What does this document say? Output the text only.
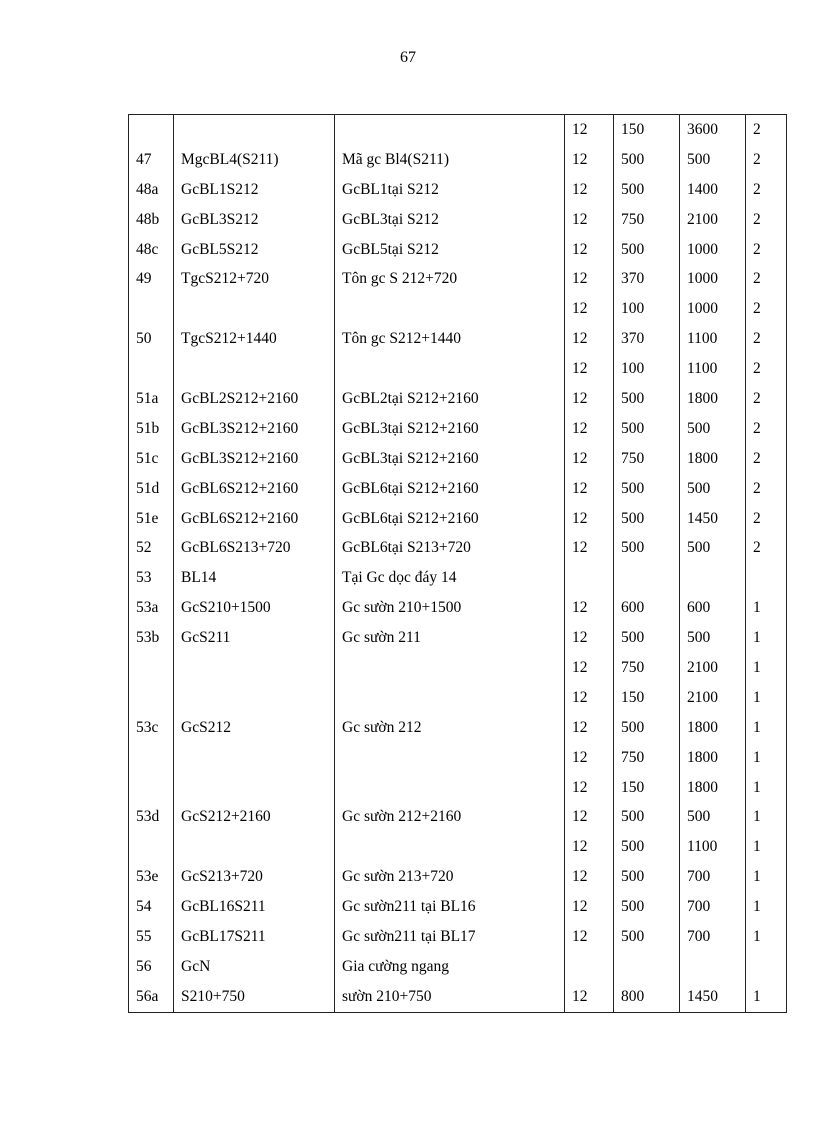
67
			12	150	3600	2
47	MgcBL4(S211)	Mã gc Bl4(S211)	12	500	500	2
48a	GcBL1S212	GcBL1tại S212	12	500	1400	2
48b	GcBL3S212	GcBL3tại S212	12	750	2100	2
48c	GcBL5S212	GcBL5tại S212	12	500	1000	2
49	TgcS212+720	Tôn gc S 212+720	12	370	1000	2
			12	100	1000	2
50	TgcS212+1440	Tôn gc S212+1440	12	370	1100	2
			12	100	1100	2
51a	GcBL2S212+2160	GcBL2tại S212+2160	12	500	1800	2
51b	GcBL3S212+2160	GcBL3tại S212+2160	12	500	500	2
51c	GcBL3S212+2160	GcBL3tại S212+2160	12	750	1800	2
51d	GcBL6S212+2160	GcBL6tại S212+2160	12	500	500	2
51e	GcBL6S212+2160	GcBL6tại S212+2160	12	500	1450	2
52	GcBL6S213+720	GcBL6tại S213+720	12	500	500	2
53	BL14	Tại Gc dọc đáy 14				
53a	GcS210+1500	Gc sườn 210+1500	12	600	600	1
53b	GcS211	Gc sườn 211	12	500	500	1
			12	750	2100	1
			12	150	2100	1
53c	GcS212	Gc sườn 212	12	500	1800	1
			12	750	1800	1
			12	150	1800	1
53d	GcS212+2160	Gc sườn 212+2160	12	500	500	1
			12	500	1100	1
53e	GcS213+720	Gc sườn 213+720	12	500	700	1
54	GcBL16S211	Gc sườn211 tại BL16	12	500	700	1
55	GcBL17S211	Gc sườn211 tại BL17	12	500	700	1
56	GcN	Gia cường ngang				
56a	S210+750	sườn 210+750	12	800	1450	1
